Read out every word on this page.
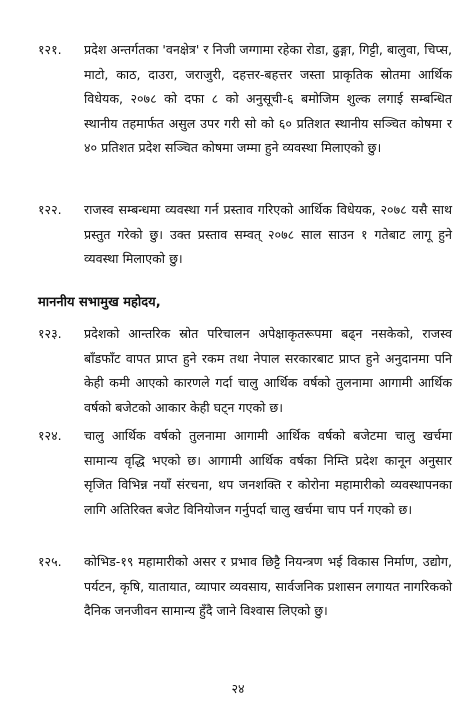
१२१. प्रदेश अन्तर्गतका 'वनक्षेत्र' र निजी जग्गामा रहेका रोडा, ढुङ्गा, गिट्टी, बालुवा, चिप्स, माटो, काठ, दाउरा, जराजुरी, दहत्तर-बहत्तर जस्ता प्राकृतिक स्रोतमा आर्थिक विधेयक, २०७८ को दफा ८ को अनुसूची-६ बमोजिम शुल्क लगाई सम्बन्धित स्थानीय तहमार्फत असुल उपर गरी सो को ६० प्रतिशत स्थानीय सञ्चित कोषमा र ४० प्रतिशत प्रदेश सञ्चित कोषमा जम्मा हुने व्यवस्था मिलाएको छु।

१२२. राजस्व सम्बन्धमा व्यवस्था गर्न प्रस्ताव गरिएको आर्थिक विधेयक, २०७८ यसै साथ प्रस्तुत गरेको छु। उक्त प्रस्ताव सम्वत् २०७८ साल साउन १ गतेबाट लागू हुने व्यवस्था मिलाएको छु।

माननीय सभामुख महोदय,

१२३. प्रदेशको आन्तरिक स्रोत परिचालन अपेक्षाकृतरूपमा बढ्न नसकेको, राजस्व बाँडफाँट वापत प्राप्त हुने रकम तथा नेपाल सरकारबाट प्राप्त हुने अनुदानमा पनि केही कमी आएको कारणले गर्दा चालु आर्थिक वर्षको तुलनामा आगामी आर्थिक वर्षको बजेटको आकार केही घट्न गएको छ।

१२४. चालु आर्थिक वर्षको तुलनामा आगामी आर्थिक वर्षको बजेटमा चालु खर्चमा सामान्य वृद्धि भएको छ। आगामी आर्थिक वर्षका निम्ति प्रदेश कानून अनुसार सृजित विभिन्न नयाँ संरचना, थप जनशक्ति र कोरोना महामारीको व्यवस्थापनका लागि अतिरिक्त बजेट विनियोजन गर्नुपर्दा चालु खर्चमा चाप पर्न गएको छ।

१२५. कोभिड-१९ महामारीको असर र प्रभाव छिट्टै नियन्त्रण भई विकास निर्माण, उद्योग, पर्यटन, कृषि, यातायात, व्यापार व्यवसाय, सार्वजनिक प्रशासन लगायत नागरिकको दैनिक जनजीवन सामान्य हुँदै जाने विश्वास लिएको छु।

२४
